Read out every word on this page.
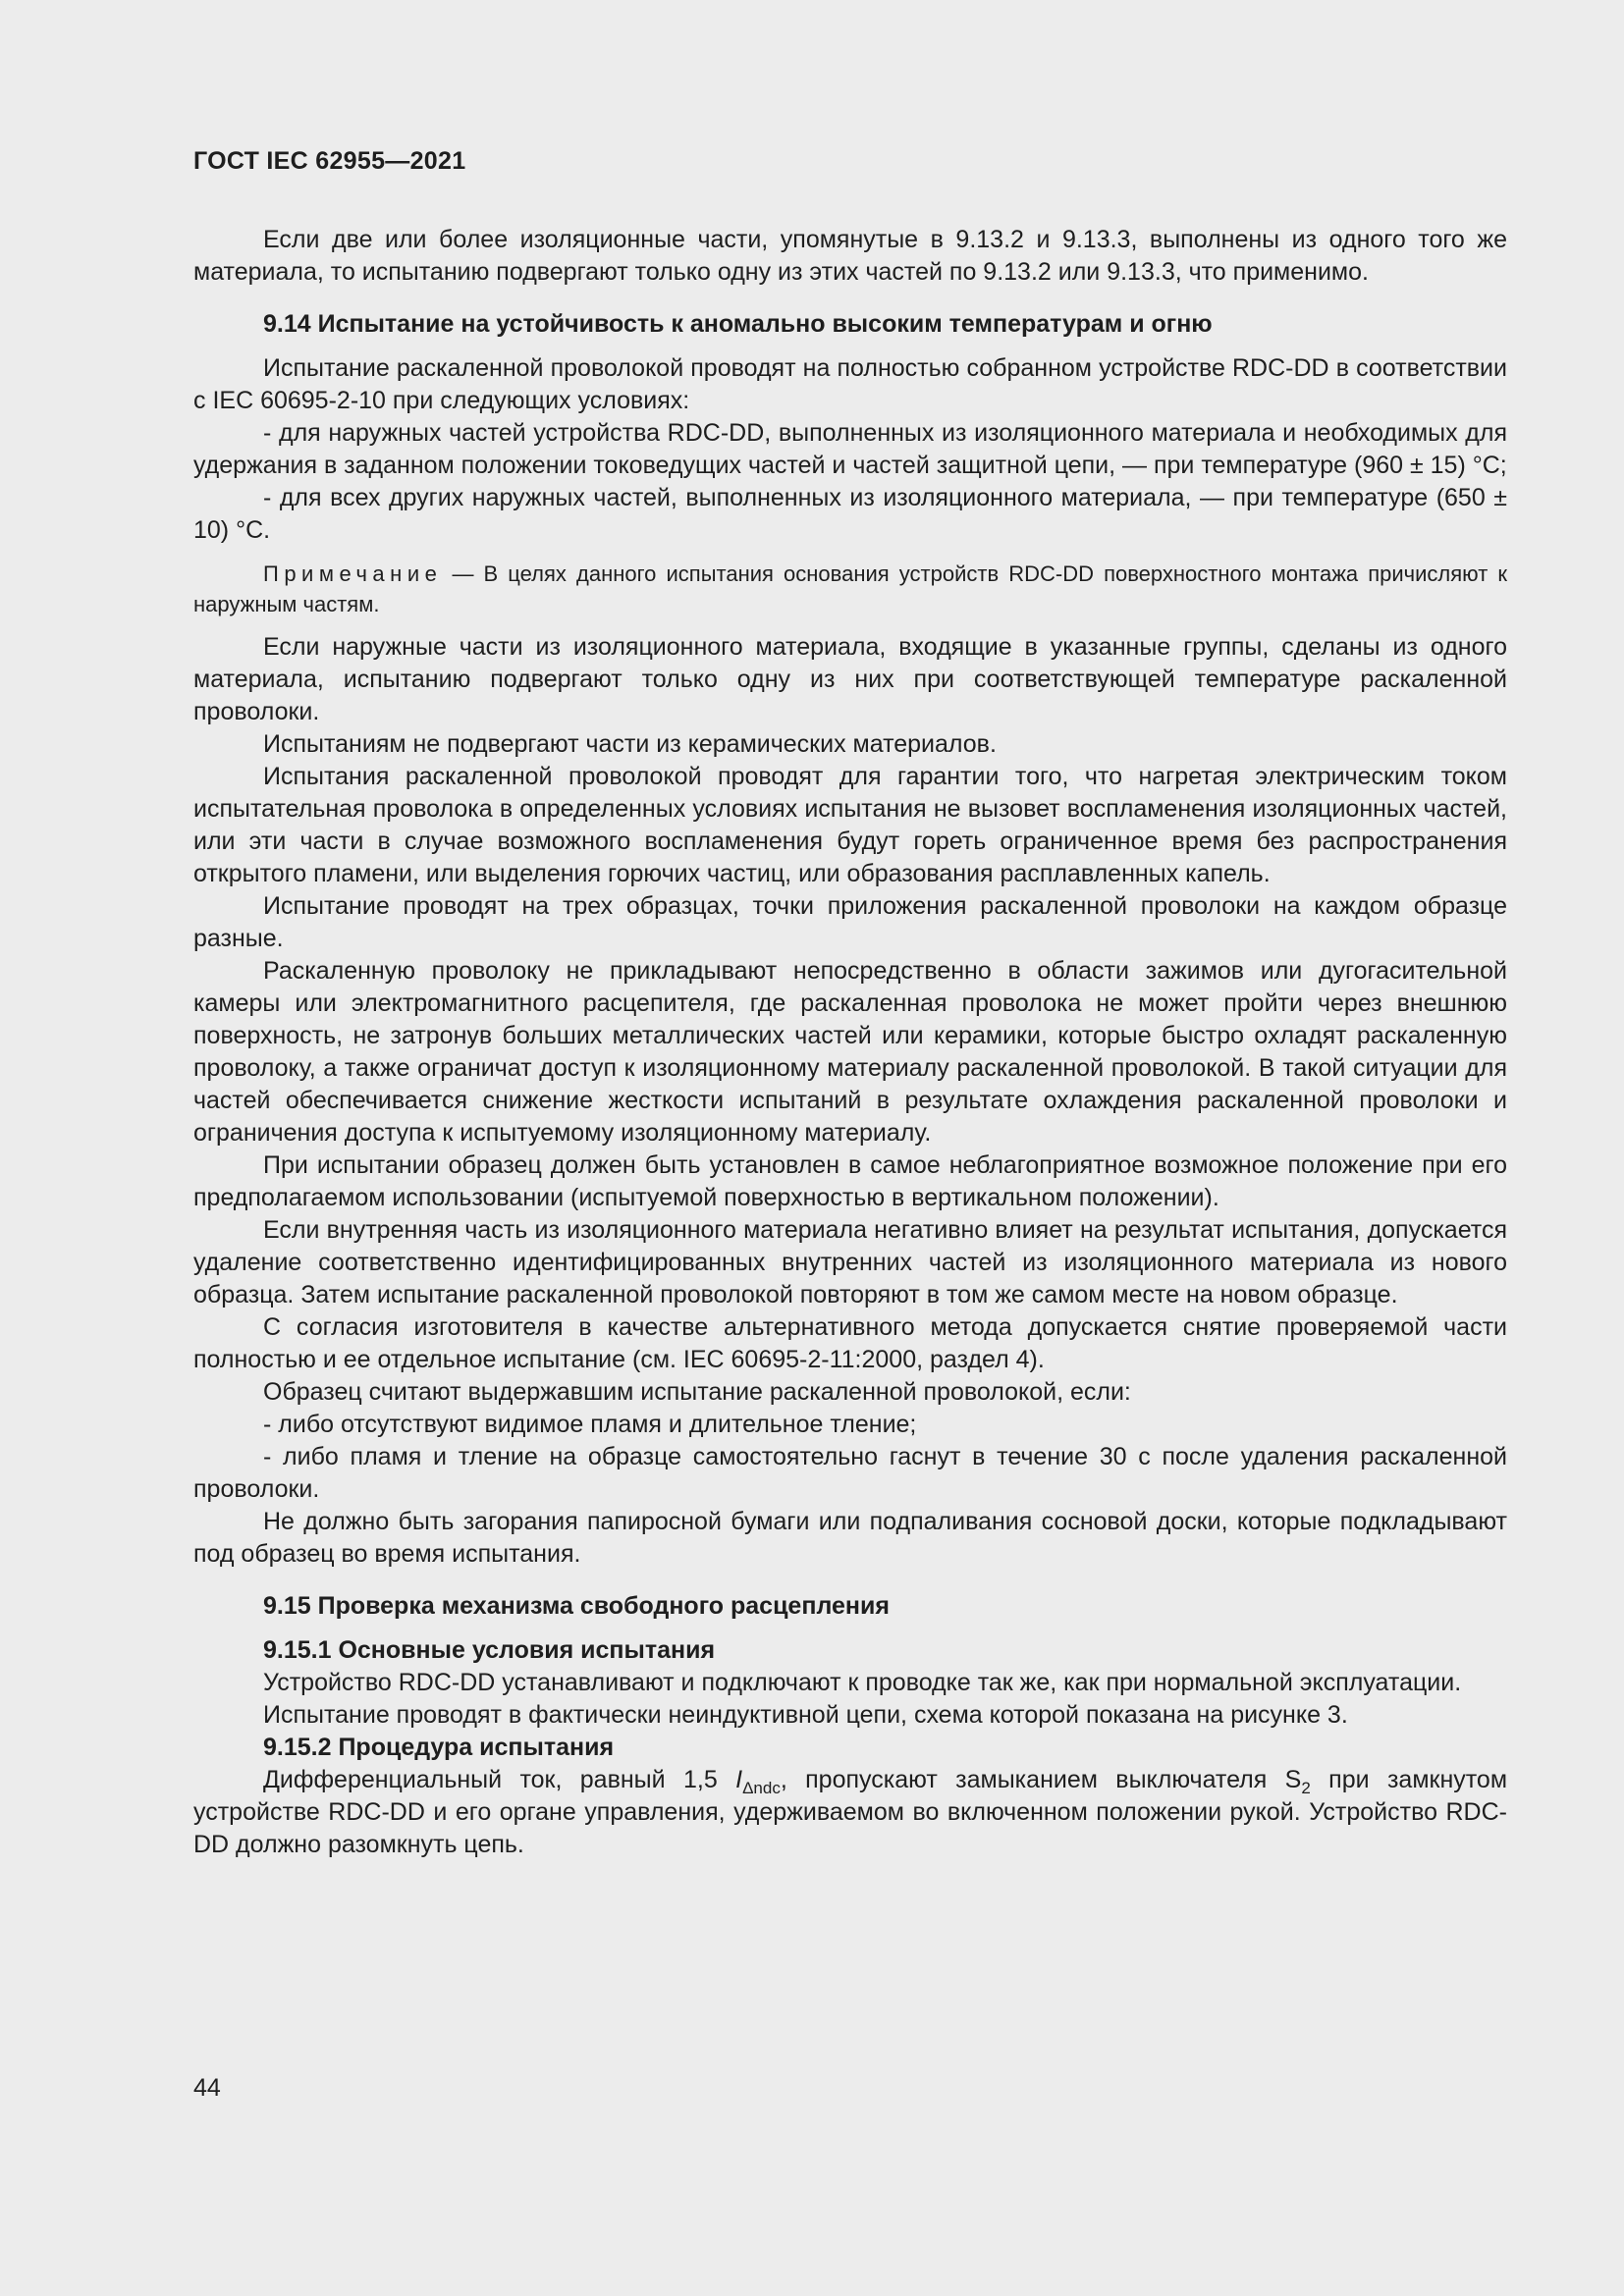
ГОСТ IEC 62955—2021

Если две или более изоляционные части, упомянутые в 9.13.2 и 9.13.3, выполнены из одного того же материала, то испытанию подвергают только одну из этих частей по 9.13.2 или 9.13.3, что применимо.

9.14 Испытание на устойчивость к аномально высоким температурам и огню

Испытание раскаленной проволокой проводят на полностью собранном устройстве RDC-DD в соответствии с IEC 60695-2-10 при следующих условиях:

- для наружных частей устройства RDC-DD, выполненных из изоляционного материала и необходимых для удержания в заданном положении токоведущих частей и частей защитной цепи, — при температуре (960 ± 15) °С;

- для всех других наружных частей, выполненных из изоляционного материала, — при температуре (650 ± 10) °С.

Примечание — В целях данного испытания основания устройств RDC-DD поверхностного монтажа причисляют к наружным частям.

Если наружные части из изоляционного материала, входящие в указанные группы, сделаны из одного материала, испытанию подвергают только одну из них при соответствующей температуре раскаленной проволоки.

Испытаниям не подвергают части из керамических материалов.

Испытания раскаленной проволокой проводят для гарантии того, что нагретая электрическим током испытательная проволока в определенных условиях испытания не вызовет воспламенения изоляционных частей, или эти части в случае возможного воспламенения будут гореть ограниченное время без распространения открытого пламени, или выделения горючих частиц, или образования расплавленных капель.

Испытание проводят на трех образцах, точки приложения раскаленной проволоки на каждом образце разные.

Раскаленную проволоку не прикладывают непосредственно в области зажимов или дугогасительной камеры или электромагнитного расцепителя, где раскаленная проволока не может пройти через внешнюю поверхность, не затронув больших металлических частей или керамики, которые быстро охладят раскаленную проволоку, а также ограничат доступ к изоляционному материалу раскаленной проволокой. В такой ситуации для частей обеспечивается снижение жесткости испытаний в результате охлаждения раскаленной проволоки и ограничения доступа к испытуемому изоляционному материалу.

При испытании образец должен быть установлен в самое неблагоприятное возможное положение при его предполагаемом использовании (испытуемой поверхностью в вертикальном положении).

Если внутренняя часть из изоляционного материала негативно влияет на результат испытания, допускается удаление соответственно идентифицированных внутренних частей из изоляционного материала из нового образца. Затем испытание раскаленной проволокой повторяют в том же самом месте на новом образце.

С согласия изготовителя в качестве альтернативного метода допускается снятие проверяемой части полностью и ее отдельное испытание (см. IEC 60695-2-11:2000, раздел 4).

Образец считают выдержавшим испытание раскаленной проволокой, если:

- либо отсутствуют видимое пламя и длительное тление;

- либо пламя и тление на образце самостоятельно гаснут в течение 30 с после удаления раскаленной проволоки.

Не должно быть загорания папиросной бумаги или подпаливания сосновой доски, которые подкладывают под образец во время испытания.

9.15 Проверка механизма свободного расцепления
9.15.1 Основные условия испытания

Устройство RDC-DD устанавливают и подключают к проводке так же, как при нормальной эксплуатации.

Испытание проводят в фактически неиндуктивной цепи, схема которой показана на рисунке 3.

9.15.2 Процедура испытания

Дифференциальный ток, равный 1,5 $I_{\Delta ndc}$, пропускают замыканием выключателя $S_2$ при замкнутом устройстве RDC-DD и его органе управления, удерживаемом во включенном положении рукой. Устройство RDC-DD должно разомкнуть цепь.

44
